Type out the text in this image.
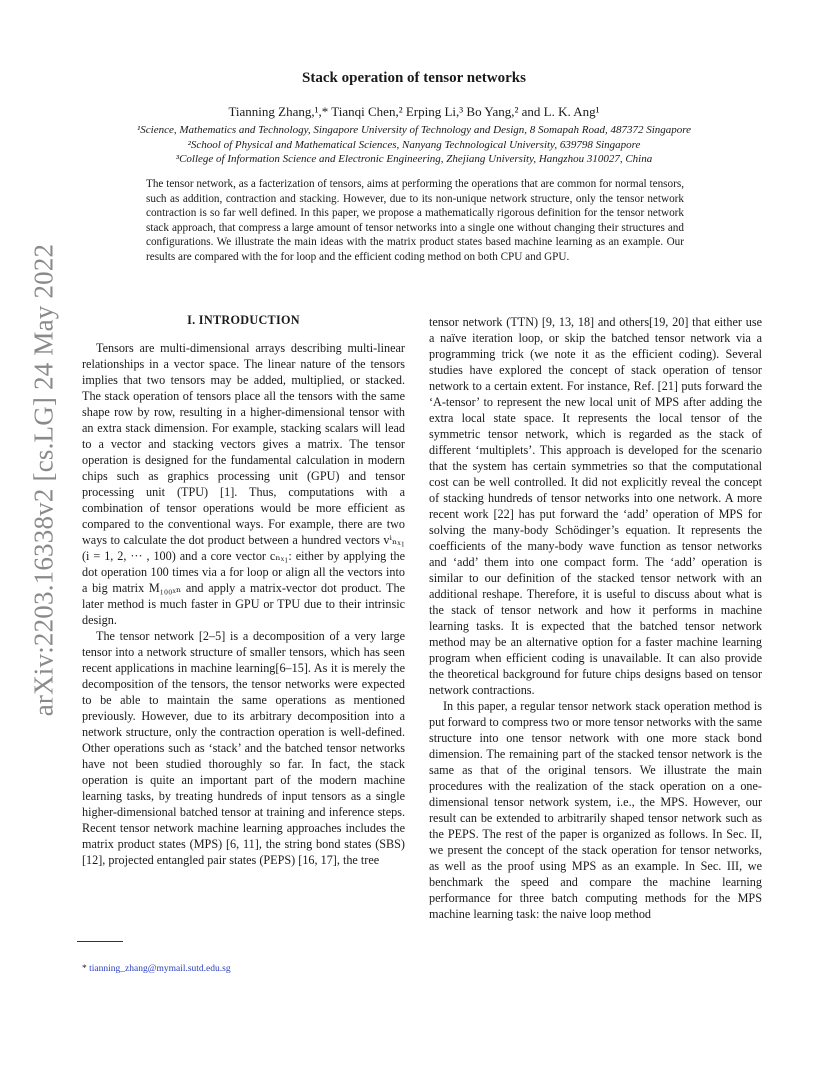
arXiv:2203.16338v2 [cs.LG] 24 May 2022
Stack operation of tensor networks
Tianning Zhang,¹,* Tianqi Chen,² Erping Li,³ Bo Yang,² and L. K. Ang¹
¹Science, Mathematics and Technology, Singapore University of Technology and Design, 8 Somapah Road, 487372 Singapore
²School of Physical and Mathematical Sciences, Nanyang Technological University, 639798 Singapore
³College of Information Science and Electronic Engineering, Zhejiang University, Hangzhou 310027, China
The tensor network, as a facterization of tensors, aims at performing the operations that are common for normal tensors, such as addition, contraction and stacking. However, due to its non-unique network structure, only the tensor network contraction is so far well defined. In this paper, we propose a mathematically rigorous definition for the tensor network stack approach, that compress a large amount of tensor networks into a single one without changing their structures and configurations. We illustrate the main ideas with the matrix product states based machine learning as an example. Our results are compared with the for loop and the efficient coding method on both CPU and GPU.
I. INTRODUCTION

Tensors are multi-dimensional arrays describing multi-linear relationships in a vector space. The linear nature of the tensors implies that two tensors may be added, multiplied, or stacked. The stack operation of tensors place all the tensors with the same shape row by row, resulting in a higher-dimensional tensor with an extra stack dimension. For example, stacking scalars will lead to a vector and stacking vectors gives a matrix. The tensor operation is designed for the fundamental calculation in modern chips such as graphics processing unit (GPU) and tensor processing unit (TPU) [1]. Thus, computations with a combination of tensor operations would be more efficient as compared to the conventional ways. For example, there are two ways to calculate the dot product between a hundred vectors vⁱₙₓ₁ (i = 1, 2, ··· , 100) and a core vector cₙₓ₁: either by applying the dot operation 100 times via a for loop or align all the vectors into a big matrix M₁₀₀ₓₙ and apply a matrix-vector dot product. The later method is much faster in GPU or TPU due to their intrinsic design.

The tensor network [2–5] is a decomposition of a very large tensor into a network structure of smaller tensors, which has seen recent applications in machine learning[6–15]. As it is merely the decomposition of the tensors, the tensor networks were expected to be able to maintain the same operations as mentioned previously. However, due to its arbitrary decomposition into a network structure, only the contraction operation is well-defined. Other operations such as ‘stack’ and the batched tensor networks have not been studied thoroughly so far. In fact, the stack operation is quite an important part of the modern machine learning tasks, by treating hundreds of input tensors as a single higher-dimensional batched tensor at training and inference steps. Recent tensor network machine learning approaches includes the matrix product states (MPS) [6, 11], the string bond states (SBS) [12], projected entangled pair states (PEPS) [16, 17], the tree

tensor network (TTN) [9, 13, 18] and others[19, 20] that either use a naïve iteration loop, or skip the batched tensor network via a programming trick (we note it as the efficient coding). Several studies have explored the concept of stack operation of tensor network to a certain extent. For instance, Ref. [21] puts forward the ‘A-tensor’ to represent the new local unit of MPS after adding the extra local state space. It represents the local tensor of the symmetric tensor network, which is regarded as the stack of different ‘multiplets’. This approach is developed for the scenario that the system has certain symmetries so that the computational cost can be well controlled. It did not explicitly reveal the concept of stacking hundreds of tensor networks into one network. A more recent work [22] has put forward the ‘add’ operation of MPS for solving the many-body Schödinger’s equation. It represents the coefficients of the many-body wave function as tensor networks and ‘add’ them into one compact form. The ‘add’ operation is similar to our definition of the stacked tensor network with an additional reshape. Therefore, it is useful to discuss about what is the stack of tensor network and how it performs in machine learning tasks. It is expected that the batched tensor network method may be an alternative option for a faster machine learning program when efficient coding is unavailable. It can also provide the theoretical background for future chips designs based on tensor network contractions.

In this paper, a regular tensor network stack operation method is put forward to compress two or more tensor networks with the same structure into one tensor network with one more stack bond dimension. The remaining part of the stacked tensor network is the same as that of the original tensors. We illustrate the main procedures with the realization of the stack operation on a one-dimensional tensor network system, i.e., the MPS. However, our result can be extended to arbitrarily shaped tensor network such as the PEPS. The rest of the paper is organized as follows. In Sec. II, we present the concept of the stack operation for tensor networks, as well as the proof using MPS as an example. In Sec. III, we benchmark the speed and compare the machine learning performance for three batch computing methods for the MPS machine learning task: the naive loop method

* tianning_zhang@mymail.sutd.edu.sg
